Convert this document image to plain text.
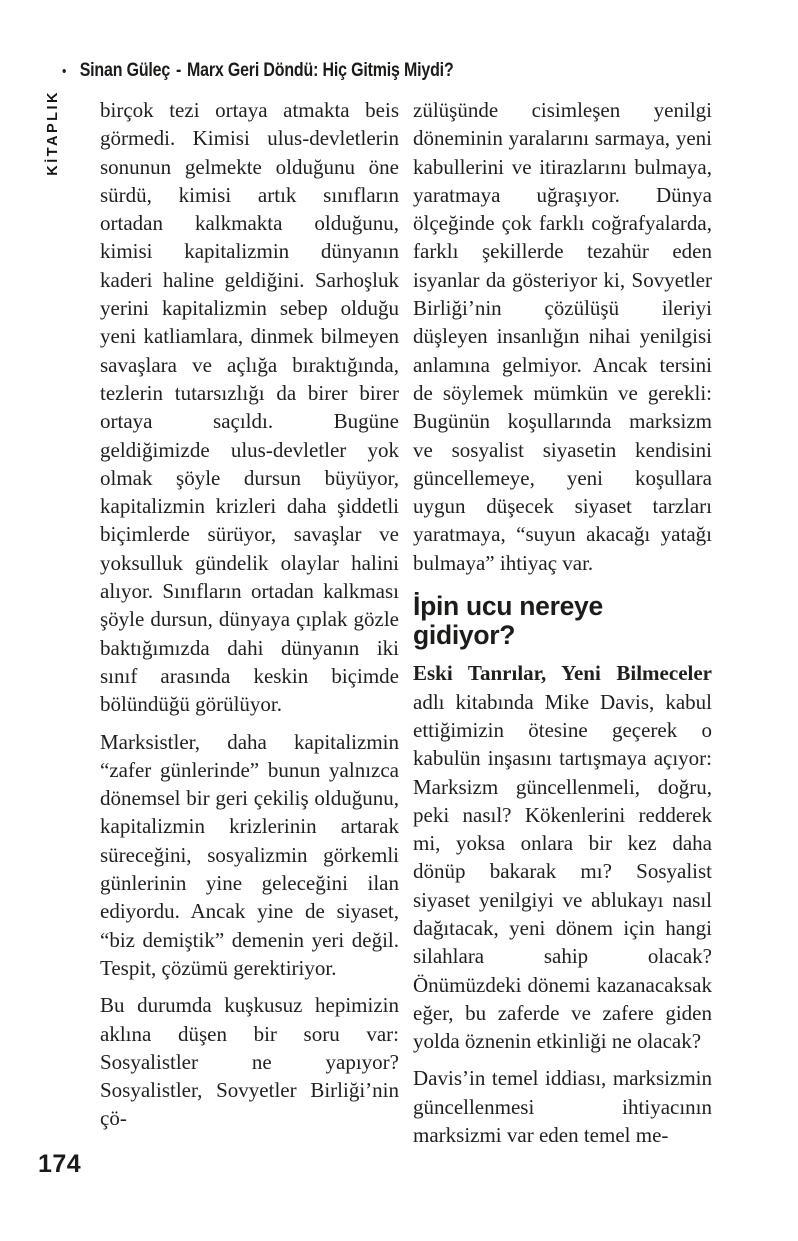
• Sinan Güleç - Marx Geri Döndü: Hiç Gitmiş Miydi?
KİTAPLIK birçok tezi ortaya atmakta beis görmedi. Kimisi ulus-devletlerin sonunun gelmekte olduğunu öne sürdü, kimisi artık sınıfların ortadan kalkmakta olduğunu, kimisi kapitalizmin dünyanın kaderi haline geldiğini. Sarhoşluk yerini kapitalizmin sebep olduğu yeni katliamlara, dinmek bilmeyen savaşlara ve açlığa bıraktığında, tezlerin tutarsızlığı da birer birer ortaya saçıldı. Bugüne geldiğimizde ulus-devletler yok olmak şöyle dursun büyüyor, kapitalizmin krizleri daha şiddetli biçimlerde sürüyor, savaşlar ve yoksulluk gündelik olaylar halini alıyor. Sınıfların ortadan kalkması şöyle dursun, dünyaya çıplak gözle baktığımızda dahi dünyanın iki sınıf arasında keskin biçimde bölündüğü görülüyor.

Marksistler, daha kapitalizmin “zafer günlerinde” bunun yalnızca dönemsel bir geri çekiliş olduğunu, kapitalizmin krizlerinin artarak süreceğini, sosyalizmin görkemli günlerinin yine geleceğini ilan ediyordu. Ancak yine de siyaset, “biz demiştik” demenin yeri değil. Tespit, çözümü gerektiriyor.

Bu durumda kuşkusuz hepimizin aklına düşen bir soru var: Sosyalistler ne yapıyor? Sosyalistler, Sovyetler Birliği’nin çö-

zülüşünde cisimleşen yenilgi döneminin yaralarını sarmaya, yeni kabullerini ve itirazlarını bulmaya, yaratmaya uğraşıyor. Dünya ölçeğinde çok farklı coğrafyalarda, farklı şekillerde tezahür eden isyanlar da gösteriyor ki, Sovyetler Birliği’nin çözülüşü ileriyi düşleyen insanlığın nihai yenilgisi anlamına gelmiyor. Ancak tersini de söylemek mümkün ve gerekli: Bugünün koşullarında marksizm ve sosyalist siyasetin kendisini güncellemeye, yeni koşullara uygun düşecek siyaset tarzları yaratmaya, “suyun akacağı yatağı bulmaya” ihtiyaç var.

İpin ucu nereye gidiyor?

Eski Tanrılar, Yeni Bilmeceler adlı kitabında Mike Davis, kabul ettiğimizin ötesine geçerek o kabulün inşasını tartışmaya açıyor: Marksizm güncellenmeli, doğru, peki nasıl? Kökenlerini redderek mi, yoksa onlara bir kez daha dönüp bakarak mı? Sosyalist siyaset yenilgiyi ve ablukayı nasıl dağıtacak, yeni dönem için hangi silahlara sahip olacak? Önümüzdeki dönemi kazanacaksak eğer, bu zaferde ve zafere giden yolda öznenin etkinliği ne olacak?

Davis’in temel iddiası, marksizmin güncellenmesi ihtiyacının marksizmi var eden temel me-

174
